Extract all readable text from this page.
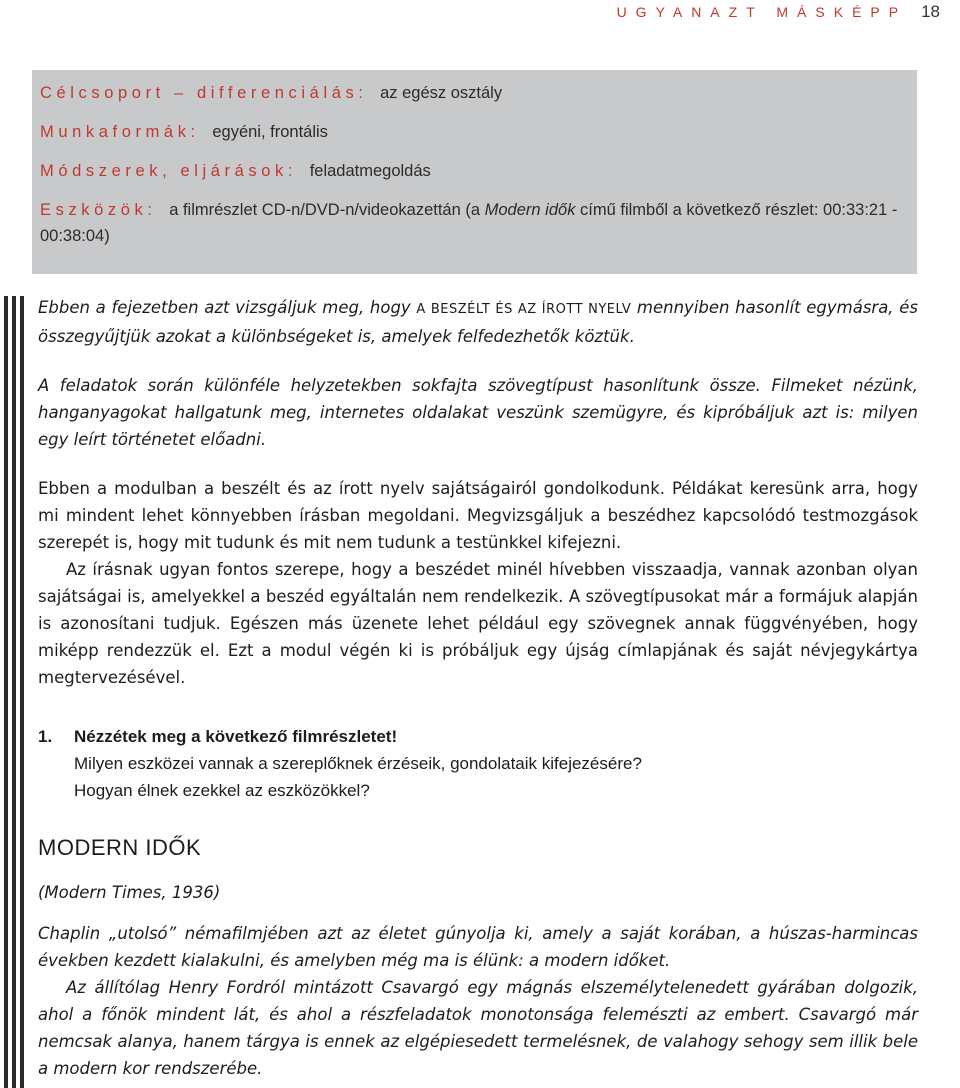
UGYANAZT MÁSKÉPP 18
Célcsoport – differenciálás: az egész osztály
Munkaformák: egyéni, frontális
Módszerek, eljárások: feladatmegoldás
Eszközök: a filmrészlet CD-n/DVD-n/videokazettán (a Modern idők című filmből a következő részlet: 00:33:21 - 00:38:04)

Ebben a fejezetben azt vizsgáljuk meg, hogy A BESZÉLT ÉS AZ ÍROTT NYELV mennyiben hasonlít egymásra, és összegyűjtjük azokat a különbségeket is, amelyek felfedezhetők köztük.

A feladatok során különféle helyzetekben sokfajta szövegtípust hasonlítunk össze. Filmeket nézünk, hanganyagokat hallgatunk meg, internetes oldalakat veszünk szemügyre, és kipróbáljuk azt is: milyen egy leírt történetet előadni.

Ebben a modulban a beszélt és az írott nyelv sajátságairól gondolkodunk. Példákat keresünk arra, hogy mi mindent lehet könnyebben írásban megoldani. Megvizsgáljuk a beszédhez kapcsolódó testmozgások szerepét is, hogy mit tudunk és mit nem tudunk a testünkkel kifejezni.

Az írásnak ugyan fontos szerepe, hogy a beszédet minél hívebben visszaadja, vannak azonban olyan sajátságai is, amelyekkel a beszéd egyáltalán nem rendelkezik. A szövegtípusokat már a formájuk alapján is azonosítani tudjuk. Egészen más üzenete lehet például egy szövegnek annak függvényében, hogy miképp rendezzük el. Ezt a modul végén ki is próbáljuk egy újság címlapjának és saját névjegykártya megtervezésével.

1. Nézzétek meg a következő filmrészletet!
Milyen eszközei vannak a szereplőknek érzéseik, gondolataik kifejezésére?
Hogyan élnek ezekkel az eszközökkel?
MODERN IDŐK
(Modern Times, 1936)

Chaplin „utolsó” némafilmjében azt az életet gúnyolja ki, amely a saját korában, a húszas-harmincas években kezdett kialakulni, és amelyben még ma is élünk: a modern időket.

Az állítólag Henry Fordról mintázott Csavargó egy mágnás elszemélytelenedett gyárában dolgozik, ahol a főnök mindent lát, és ahol a részfeladatok monotonsága felemészti az embert. Csavargó már nemcsak alanya, hanem tárgya is ennek az elgépiesedett termelésnek, de valahogy sehogy sem illik bele a modern kor rendszerébe.
